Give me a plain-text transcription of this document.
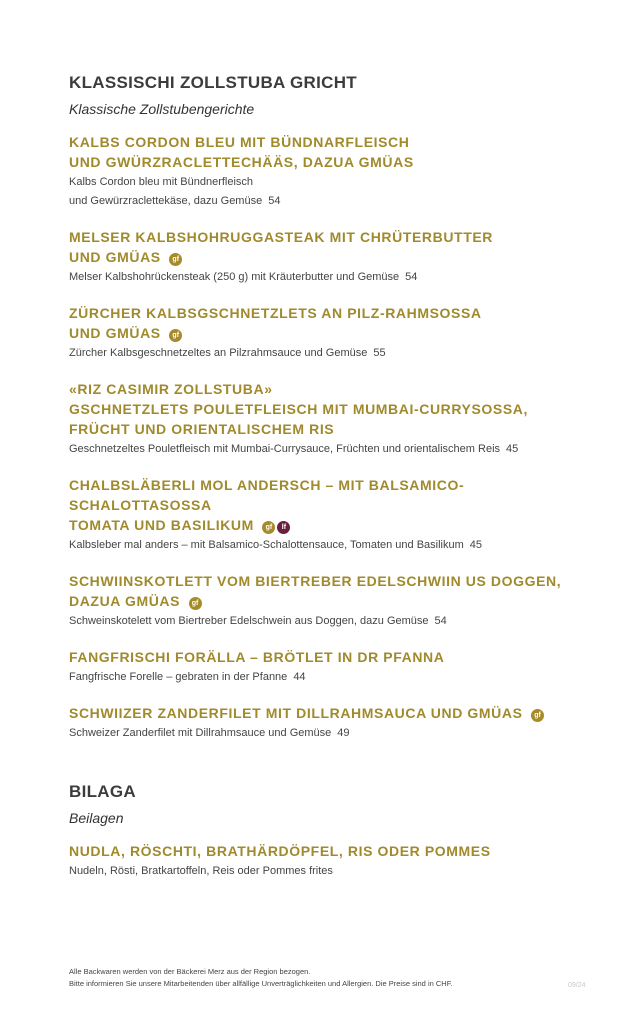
KLASSISCHI ZOLLSTUBA GRICHT
Klassische Zollstubengerichte
KALBS CORDON BLEU MIT BÜNDNARFLEISCH
UND GWÜRZRACLETTECHÄÄS, DAZUA GMÜAS
Kalbs Cordon bleu mit Bündnerfleisch
und Gewürzraclettekäse, dazu Gemüse 54
MELSER KALBSHOHRUGGASTEAK MIT CHRÜTERBUTTER
UND GMÜAS gf
Melser Kalbshohrückensteak (250 g) mit Kräuterbutter und Gemüse 54
ZÜRCHER KALBSGSCHNETZLETS AN PILZ-RAHMSOSSA
UND GMÜAS gf
Zürcher Kalbsgeschnetzeltes an Pilzrahmsauce und Gemüse 55
«RIZ CASIMIR ZOLLSTUBA»
GSCHNETZLETS POULETFLEISCH MIT MUMBAI-CURRYSOSSA,
FRÜCHT UND ORIENTALISCHEM RIS
Geschnetzeltes Pouletfleisch mit Mumbai-Currysauce, Früchten und orientalischem Reis 45
CHALBSLÄBERLI MOL ANDERSCH – MIT BALSAMICO-SCHALOTTASOSSA
TOMATA UND BASILIKUM gf lf
Kalbsleber mal anders – mit Balsamico-Schalottensauce, Tomaten und Basilikum 45
SCHWIINSKOTLETT VOM BIERTREBER EDELSCHWIIN US DOGGEN,
DAZUA GMÜAS gf
Schweinskotelett vom Biertreber Edelschwein aus Doggen, dazu Gemüse 54
FANGFRISCHI FORÄLLA – BRÖTLET IN DR PFANNA
Fangfrische Forelle – gebraten in der Pfanne 44
SCHWIIZER ZANDERFILET MIT DILLRAHMSAUCA UND GMÜAS gf
Schweizer Zanderfilet mit Dillrahmsauce und Gemüse 49
BILAGA
Beilagen
NUDLA, RÖSCHTI, BRATHÄRDÖPFEL, RIS ODER POMMES
Nudeln, Rösti, Bratkartoffeln, Reis oder Pommes frites
Alle Backwaren werden von der Bäckerei Merz aus der Region bezogen.
Bitte informieren Sie unsere Mitarbeitenden über allfällige Unverträglichkeiten und Allergien. Die Preise sind in CHF.	09/24
